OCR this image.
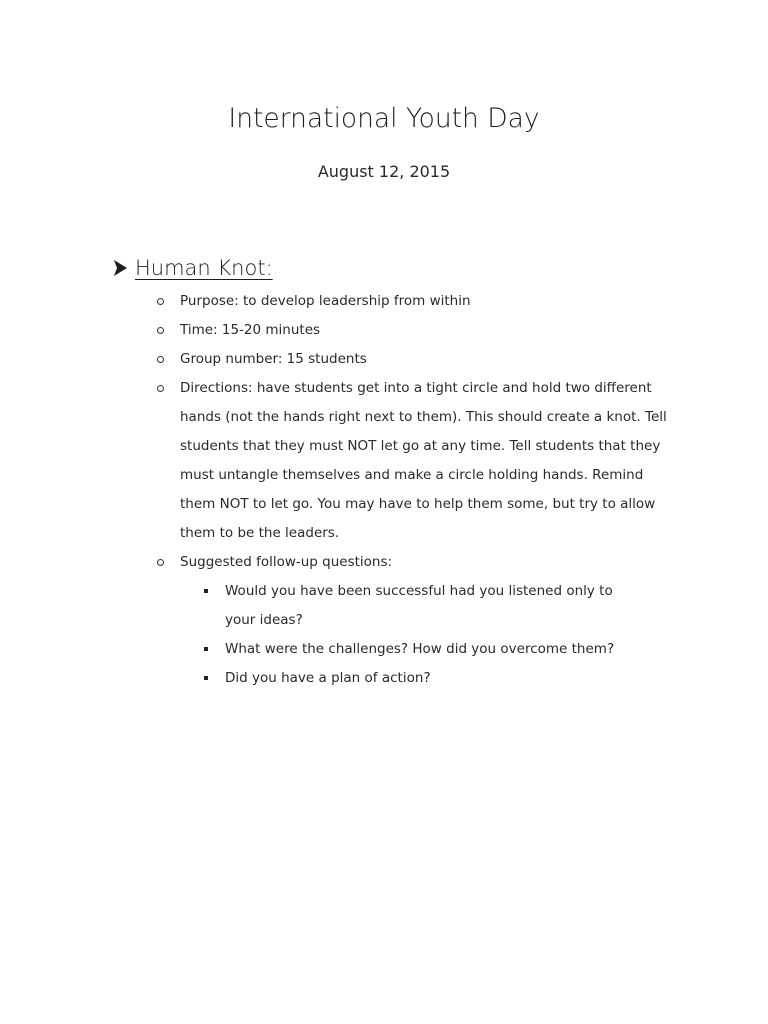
International Youth Day
August 12, 2015
Human Knot:
Purpose: to develop leadership from within
Time: 15-20 minutes
Group number: 15 students
Directions: have students get into a tight circle and hold two different hands (not the hands right next to them). This should create a knot. Tell students that they must NOT let go at any time. Tell students that they must untangle themselves and make a circle holding hands. Remind them NOT to let go. You may have to help them some, but try to allow them to be the leaders.
Suggested follow-up questions:
Would you have been successful had you listened only to your ideas?
What were the challenges? How did you overcome them?
Did you have a plan of action?
